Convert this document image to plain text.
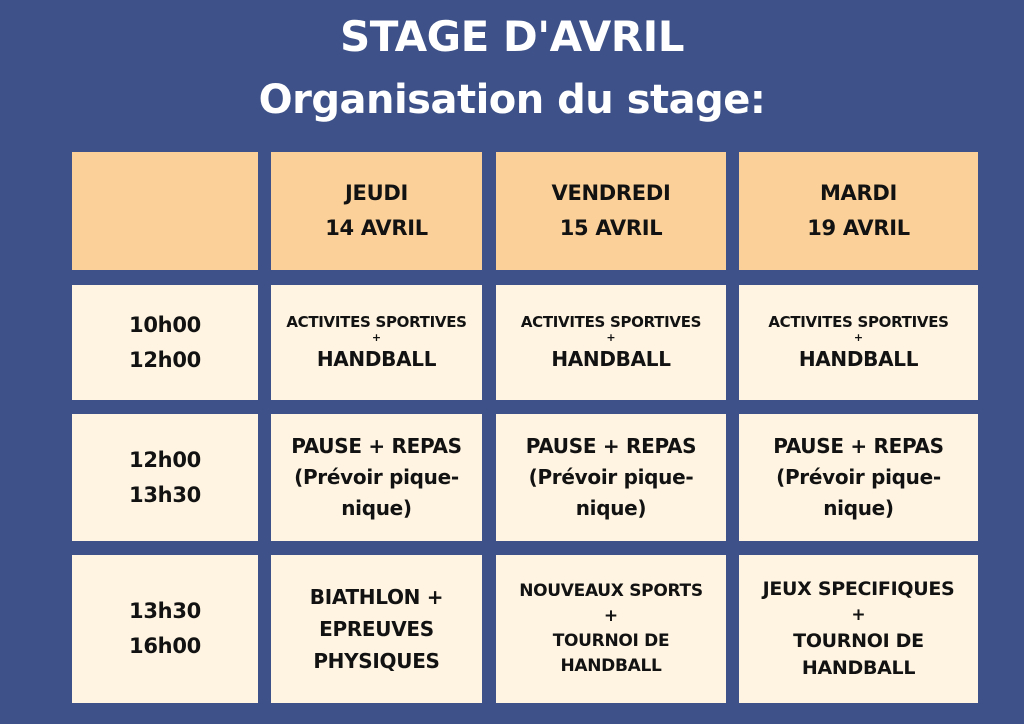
STAGE D'AVRIL
Organisation du stage:
JEUDI
14 AVRIL
VENDREDI
15 AVRIL
MARDI
19 AVRIL
10h00
12h00
ACTIVITES SPORTIVES
+
HANDBALL
ACTIVITES SPORTIVES
+
HANDBALL
ACTIVITES SPORTIVES
+
HANDBALL
12h00
13h30
PAUSE + REPAS
(Prévoir pique-nique)
PAUSE + REPAS
(Prévoir pique-nique)
PAUSE + REPAS
(Prévoir pique-nique)
13h30
16h00
BIATHLON + EPREUVES PHYSIQUES
NOUVEAUX SPORTS
+
TOURNOI DE HANDBALL
JEUX SPECIFIQUES
+
TOURNOI DE HANDBALL
